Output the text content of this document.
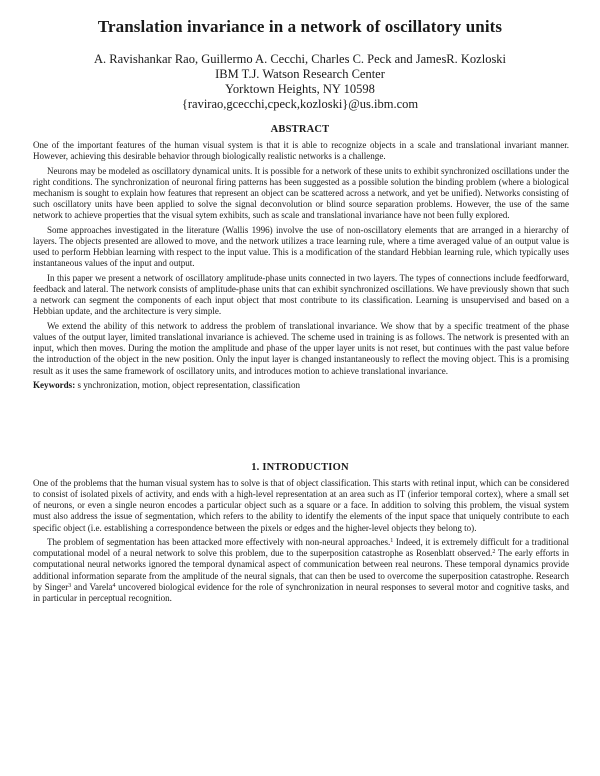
Translation invariance in a network of oscillatory units
A. Ravishankar Rao, Guillermo A. Cecchi, Charles C. Peck and JamesR. Kozloski
IBM T.J. Watson Research Center
Yorktown Heights, NY 10598
{ravirao,gcecchi,cpeck,kozloski}@us.ibm.com
ABSTRACT

One of the important features of the human visual system is that it is able to recognize objects in a scale and translational invariant manner. However, achieving this desirable behavior through biologically realistic networks is a challenge.

Neurons may be modeled as oscillatory dynamical units. It is possible for a network of these units to exhibit synchronized oscillations under the right conditions. The synchronization of neuronal firing patterns has been suggested as a possible solution the binding problem (where a biological mechanism is sought to explain how features that represent an object can be scattered across a network, and yet be unified). Networks consisting of such oscillatory units have been applied to solve the signal deconvolution or blind source separation problems. However, the use of the same network to achieve properties that the visual sytem exhibits, such as scale and translational invariance have not been fully explored.

Some approaches investigated in the literature (Wallis 1996) involve the use of non-oscillatory elements that are arranged in a hierarchy of layers. The objects presented are allowed to move, and the network utilizes a trace learning rule, where a time averaged value of an output value is used to perform Hebbian learning with respect to the input value. This is a modification of the standard Hebbian learning rule, which typically uses instantaneous values of the input and output.

In this paper we present a network of oscillatory amplitude-phase units connected in two layers. The types of connections include feedforward, feedback and lateral. The network consists of amplitude-phase units that can exhibit synchronized oscillations. We have previously shown that such a network can segment the components of each input object that most contribute to its classification. Learning is unsupervised and based on a Hebbian update, and the architecture is very simple.

We extend the ability of this network to address the problem of translational invariance. We show that by a specific treatment of the phase values of the output layer, limited translational invariance is achieved. The scheme used in training is as follows. The network is presented with an input, which then moves. During the motion the amplitude and phase of the upper layer units is not reset, but continues with the past value before the introduction of the object in the new position. Only the input layer is changed instantaneously to reflect the moving object. This is a promising result as it uses the same framework of oscillatory units, and introduces motion to achieve translational invariance.

Keywords: s ynchronization, motion, object representation, classification

1. INTRODUCTION

One of the problems that the human visual system has to solve is that of object classification. This starts with retinal input, which can be considered to consist of isolated pixels of activity, and ends with a high-level representation at an area such as IT (inferior temporal cortex), where a small set of neurons, or even a single neuron encodes a particular object such as a square or a face. In addition to solving this problem, the visual system must also address the issue of segmentation, which refers to the ability to identify the elements of the input space that uniquely contribute to each specific object (i.e. establishing a correspondence between the pixels or edges and the higher-level objects they belong to).

The problem of segmentation has been attacked more effectively with non-neural approaches.$^1$ Indeed, it is extremely difficult for a traditional computational model of a neural network to solve this problem, due to the superposition catastrophe as Rosenblatt observed.$^2$ The early efforts in computational neural networks ignored the temporal dynamical aspect of communication between real neurons. These temporal dynamics provide additional information separate from the amplitude of the neural signals, that can then be used to overcome the superposition catastrophe. Research by Singer$^3$ and Varela$^4$ uncovered biological evidence for the role of synchronization in neural responses to several motor and cognitive tasks, and in particular in perceptual recognition.
